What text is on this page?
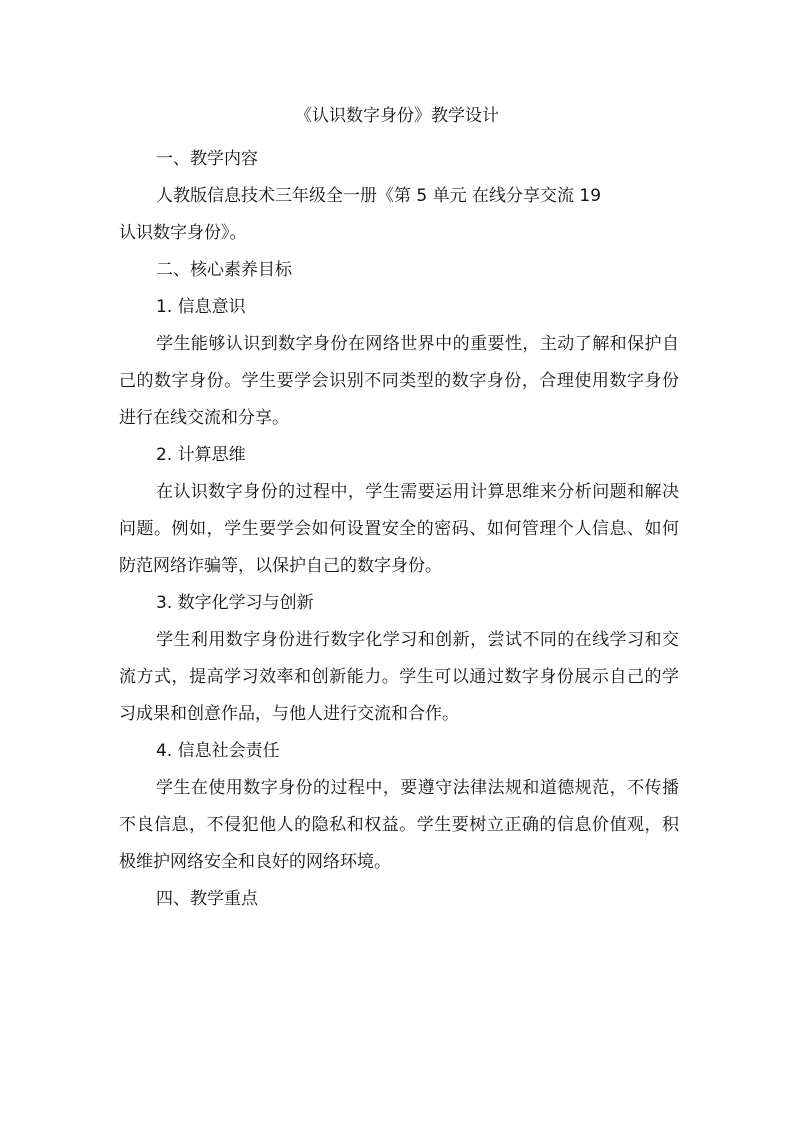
《认识数字身份》教学设计

一、教学内容

人教版信息技术三年级全一册《第 5 单元 在线分享交流 19

认识数字身份》。

二、核心素养目标

1. 信息意识

学生能够认识到数字身份在网络世界中的重要性，主动了解和保护自己的数字身份。学生要学会识别不同类型的数字身份，合理使用数字身份进行在线交流和分享。

2. 计算思维

在认识数字身份的过程中，学生需要运用计算思维来分析问题和解决问题。例如，学生要学会如何设置安全的密码、如何管理个人信息、如何防范网络诈骗等，以保护自己的数字身份。

3. 数字化学习与创新

学生利用数字身份进行数字化学习和创新，尝试不同的在线学习和交流方式，提高学习效率和创新能力。学生可以通过数字身份展示自己的学习成果和创意作品，与他人进行交流和合作。

4. 信息社会责任

学生在使用数字身份的过程中，要遵守法律法规和道德规范，不传播不良信息，不侵犯他人的隐私和权益。学生要树立正确的信息价值观，积极维护网络安全和良好的网络环境。

四、教学重点
